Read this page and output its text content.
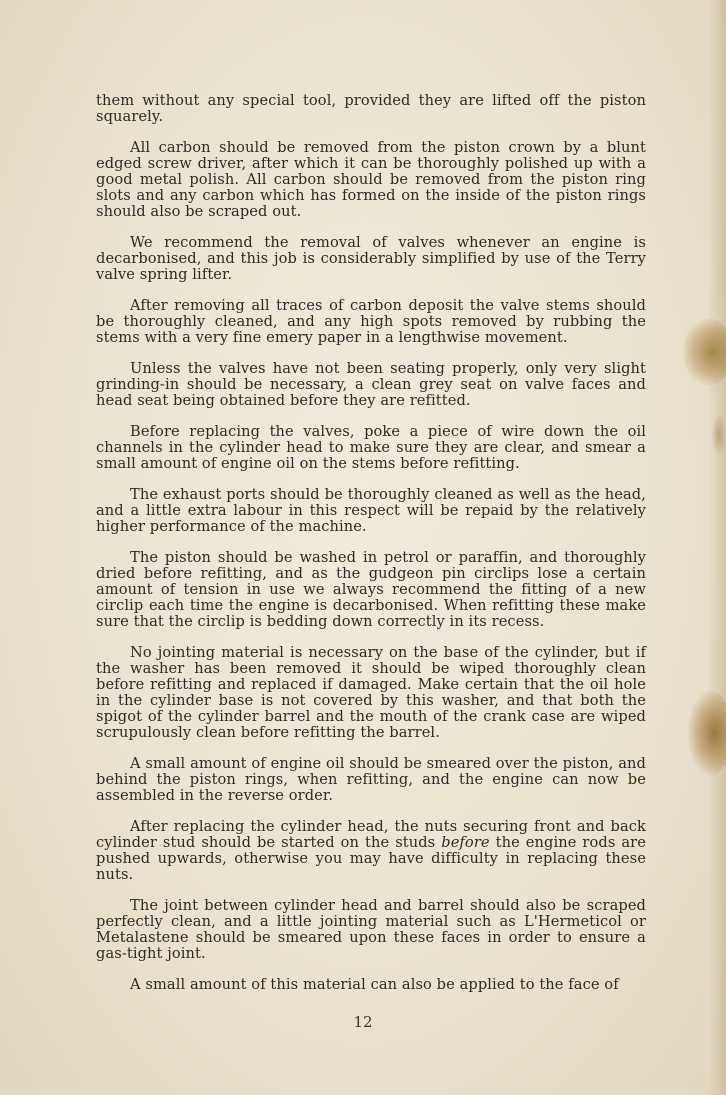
them without any special tool, provided they are lifted off the piston squarely.

All carbon should be removed from the piston crown by a blunt edged screw driver, after which it can be thoroughly polished up with a good metal polish. All carbon should be removed from the piston ring slots and any carbon which has formed on the inside of the piston rings should also be scraped out.

We recommend the removal of valves whenever an engine is decarbonised, and this job is considerably simplified by use of the Terry valve spring lifter.

After removing all traces of carbon deposit the valve stems should be thoroughly cleaned, and any high spots removed by rubbing the stems with a very fine emery paper in a lengthwise movement.

Unless the valves have not been seating properly, only very slight grinding-in should be necessary, a clean grey seat on valve faces and head seat being obtained before they are refitted.

Before replacing the valves, poke a piece of wire down the oil channels in the cylinder head to make sure they are clear, and smear a small amount of engine oil on the stems before refitting.

The exhaust ports should be thoroughly cleaned as well as the head, and a little extra labour in this respect will be repaid by the relatively higher performance of the machine.

The piston should be washed in petrol or paraffin, and thoroughly dried before refitting, and as the gudgeon pin circlips lose a certain amount of tension in use we always recommend the fitting of a new circlip each time the engine is decarbonised. When refitting these make sure that the circlip is bedding down correctly in its recess.

No jointing material is necessary on the base of the cylinder, but if the washer has been removed it should be wiped thoroughly clean before refitting and replaced if damaged. Make certain that the oil hole in the cylinder base is not covered by this washer, and that both the spigot of the cylinder barrel and the mouth of the crank case are wiped scrupulously clean before refitting the barrel.

A small amount of engine oil should be smeared over the piston, and behind the piston rings, when refitting, and the engine can now be assembled in the reverse order.

After replacing the cylinder head, the nuts securing front and back cylinder stud should be started on the studs before the engine rods are pushed upwards, otherwise you may have difficulty in replacing these nuts.

The joint between cylinder head and barrel should also be scraped perfectly clean, and a little jointing material such as L'Hermeticol or Metalastene should be smeared upon these faces in order to ensure a gas-tight joint.

A small amount of this material can also be applied to the face of

12
